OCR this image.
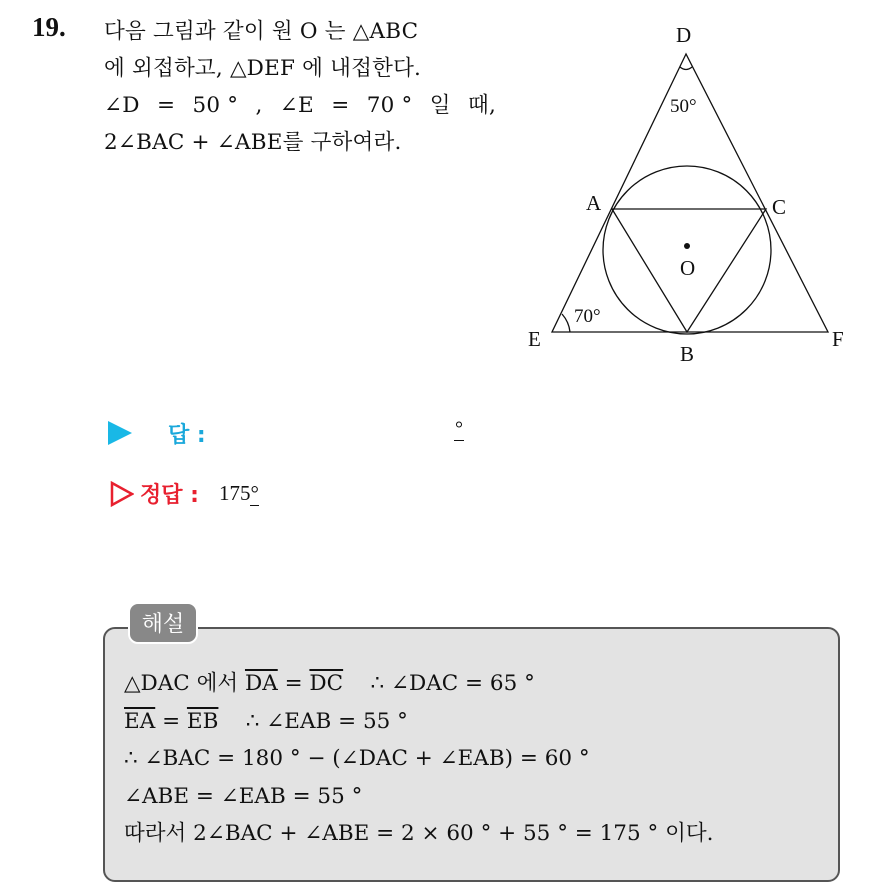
19. 다음 그림과 같이 원 O 는 △ABC
에 외접하고, △DEF 에 내접한다.
∠D = 50 ° , ∠E = 70 ° 일 때,
2∠BAC + ∠ABE를 구하여라.
D
50°
A	C
O
70°
E
B
F
답 :	°
정답 : 175°
해설
△DAC 에서 $\overline{DA} = \overline{DC}$    ∴ ∠DAC = 65 °
$\overline{EA} = \overline{EB}$    ∴ ∠EAB = 55 °
∴ ∠BAC = 180 ° − (∠DAC + ∠EAB) = 60 °
∠ABE = ∠EAB = 55 °
따라서 2∠BAC + ∠ABE = 2 × 60 ° + 55 ° = 175 ° 이다.
